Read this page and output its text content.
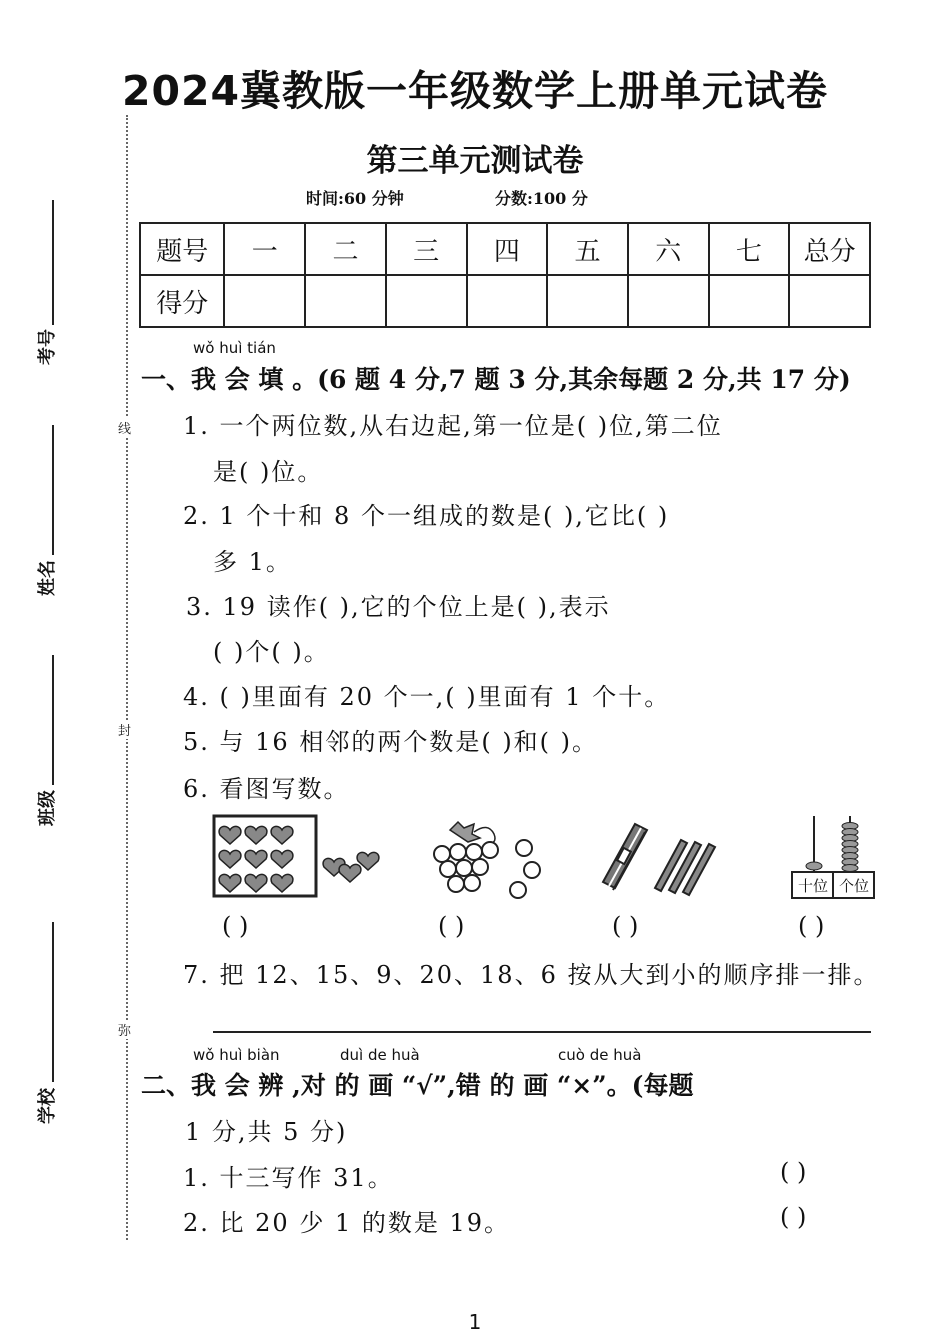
2024冀教版一年级数学上册单元试卷
第三单元测试卷
时间:60 分钟	分数:100 分
线
封
弥
考号
姓名
班级
学校
题号	一	二	三	四	五	六	七	总分
得分								
wǒ huì tián
一、我 会 填 。(6 题 4 分,7 题 3 分,其余每题 2 分,共 17 分)
1. 一个两位数,从右边起,第一位是( )位,第二位
是( )位。
2. 1 个十和 8 个一组成的数是( ),它比( )
多 1。
3. 19 读作( ),它的个位上是( ),表示
( )个( )。
4. ( )里面有 20 个一,( )里面有 1 个十。
5. 与 16 相邻的两个数是( )和( )。
6. 看图写数。
十位 个位
( )	( )	( )	( )
7. 把 12、15、9、20、18、6 按从大到小的顺序排一排。
wǒ huì biàn	duì de huà	cuò de huà
二、我 会 辨 ,对 的 画 “√”,错 的 画 “×”。(每题
1 分,共 5 分)
1. 十三写作 31。	( )
2. 比 20 少 1 的数是 19。	( )
1
